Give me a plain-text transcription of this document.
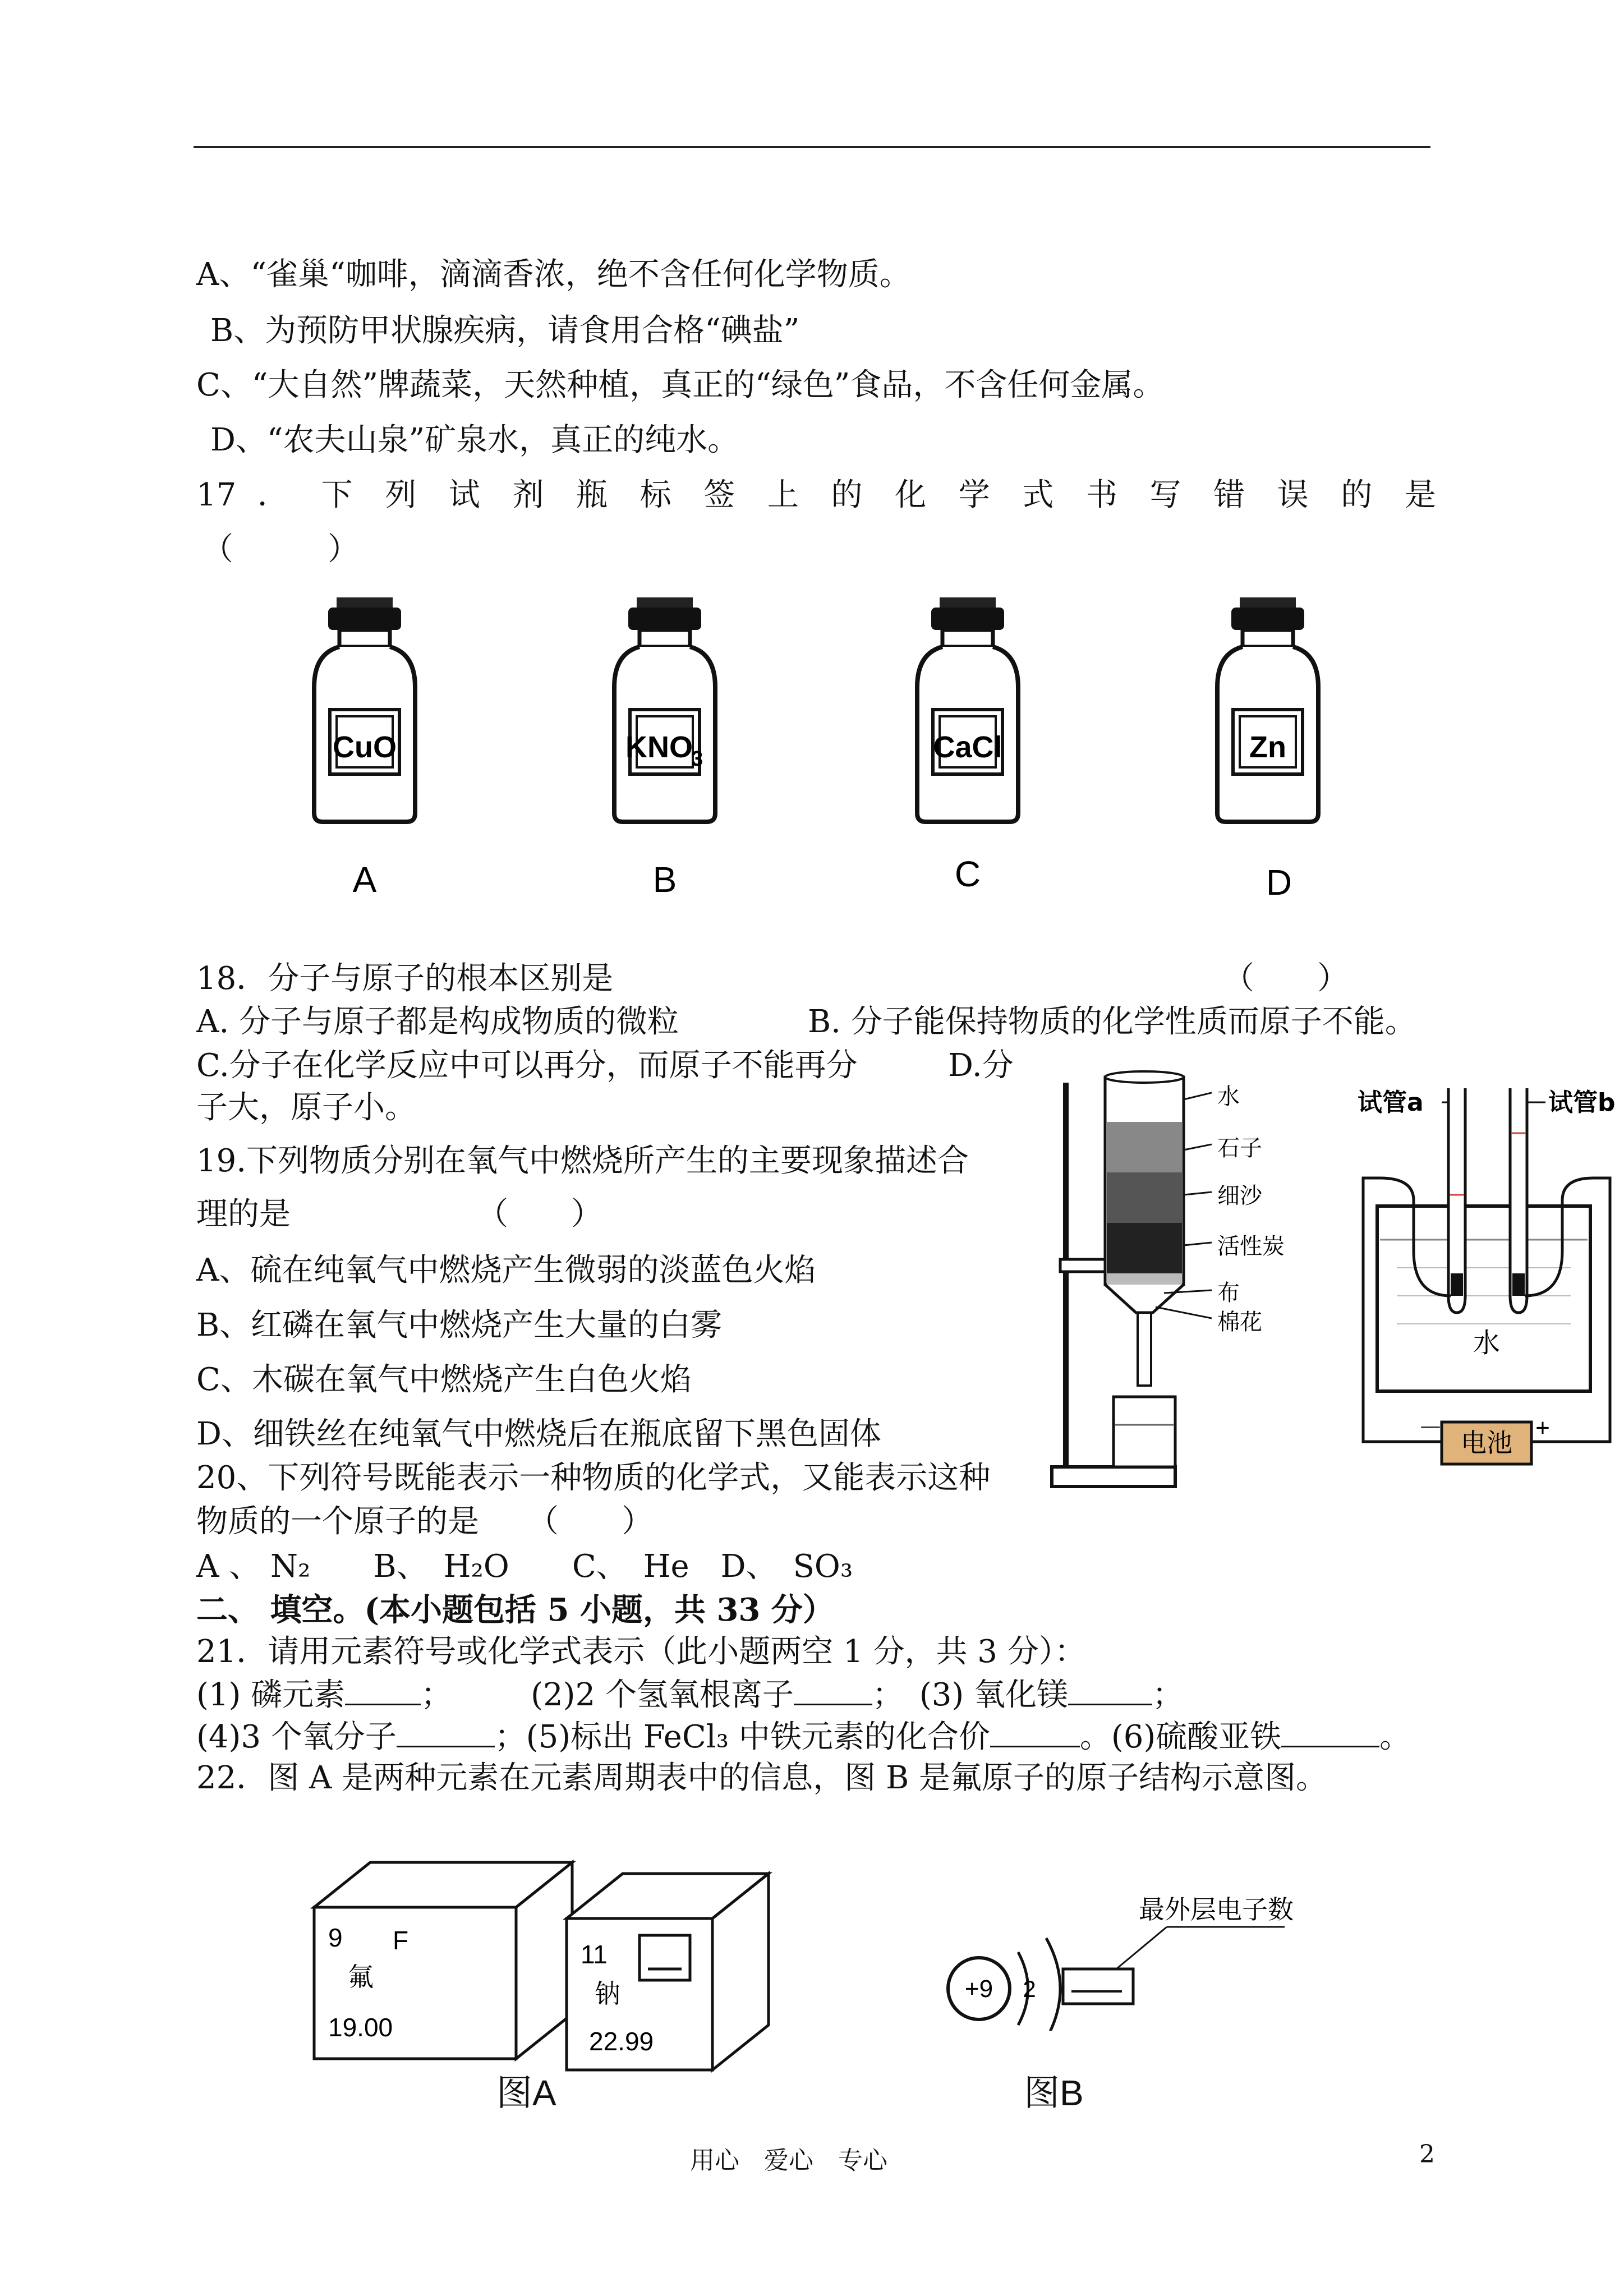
A、“雀巢“咖啡，滴滴香浓，绝不含任何化学物质。
B、为预防甲状腺疾病，请食用合格“碘盐”
C、“大自然”牌蔬菜，天然种植，真正的“绿色”食品，不含任何金属。
D、“农夫山泉”矿泉水，真正的纯水。
17 ． 下 列 试 剂 瓶 标 签 上 的 化 学 式 书 写 错 误 的 是
（　　　）
CuO	KNO
3	CaCl	Zn
A	B	C	D
18．分子与原子的根本区别是	（　　）
A. 分子与原子都是构成物质的微粒	B. 分子能保持物质的化学性质而原子不能。
C.分子在化学反应中可以再分，而原子不能再分	D.分
子大，原子小。
19.下列物质分别在氧气中燃烧所产生的主要现象描述合
理的是	（　　）
A、硫在纯氧气中燃烧产生微弱的淡蓝色火焰
B、红磷在氧气中燃烧产生大量的白雾
C、木碳在氧气中燃烧产生白色火焰
D、细铁丝在纯氧气中燃烧后在瓶底留下黑色固体
20、下列符号既能表示一种物质的化学式，又能表示这种
物质的一个原子的是 （　　）
A 、 N₂　　B、　H₂O　　C、　He　D、　SO₃
水
石子
细沙
活性炭
布
棉花
试管a	试管b
电池
－	+
水
二、 填空。(本小题包括 5 小题，共 33 分）
21．请用元素符号或化学式表示（此小题两空 1 分，共 3 分）：
(1) 磷元素 ；　　　(2)2 个氢氧根离子	；　(3) 氧化镁	；
(4)3 个氧分子	；(5)标出 FeCl₃ 中铁元素的化合价	。(6)硫酸亚铁	。
22．图 A 是两种元素在元素周期表中的信息，图 B 是氟原子的原子结构示意图。
9 F
氟
19.00
11
钠
22.99
图A
+9 2
最外层电子数
图B
用心　爱心　专心	2
